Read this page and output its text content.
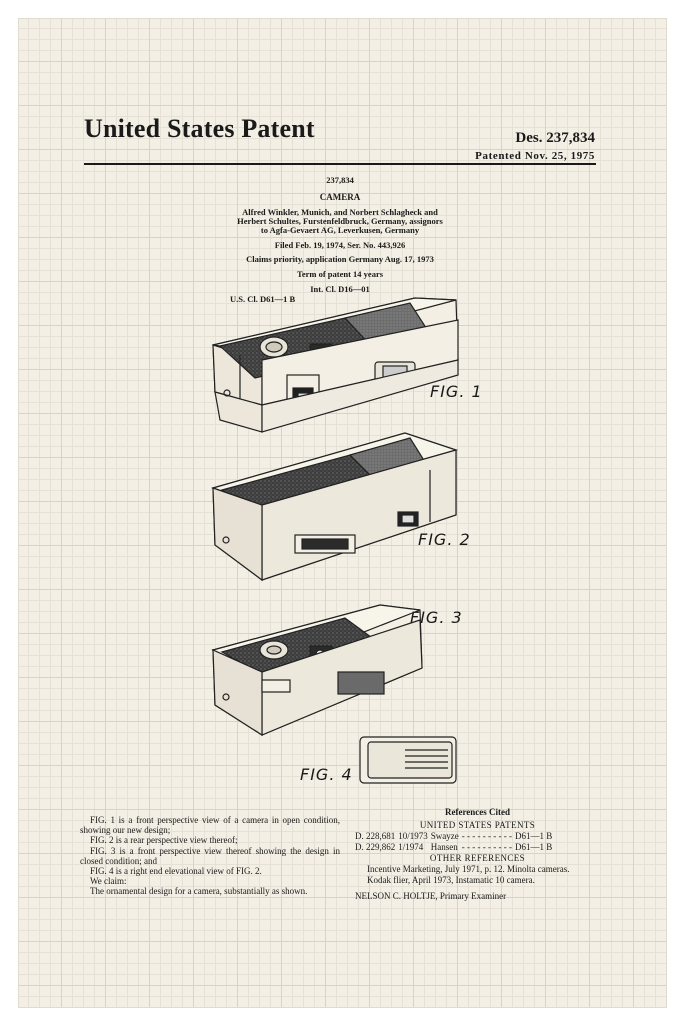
United States Patent	Des. 237,834
Patented Nov. 25, 1975
237,834
CAMERA
Alfred Winkler, Munich, and Norbert Schlagheck and
Herbert Schultes, Furstenfeldbruck, Germany, assignors
to Agfa-Gevaert AG, Leverkusen, Germany
Filed Feb. 19, 1974, Ser. No. 443,926
Claims priority, application Germany Aug. 17, 1973
Term of patent 14 years
Int. Cl. D16—01
U.S. Cl. D61—1 B
FIG. 1
FIG. 2
FIG. 3
FIG. 4

FIG. 1 is a front perspective view of a camera in open condition, showing our new design;

FIG. 2 is a rear perspective view thereof;

FIG. 3 is a front perspective view thereof showing the design in closed condition; and

FIG. 4 is a right end elevational view of FIG. 2.

We claim:

The ornamental design for a camera, substantially as shown.

References Cited
UNITED STATES PATENTS
D. 228,681	10/1973	Swayze	- - - - - - - - - -	D61—1 B
D. 229,862	1/1974	Hansen	- - - - - - - - - -	D61—1 B
OTHER REFERENCES
Incentive Marketing, July 1971, p. 12. Minolta cameras.
Kodak flier, April 1973, Instamatic 10 camera.
NELSON C. HOLTJE, Primary Examiner
